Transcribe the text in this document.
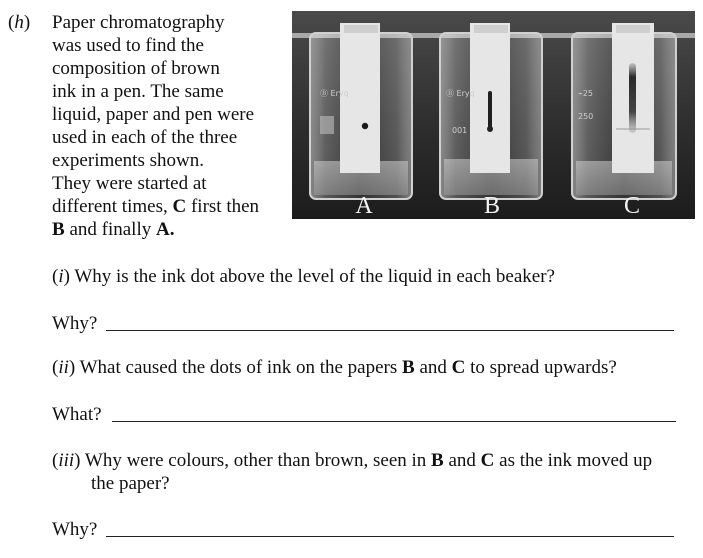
(h) Paper chromatography
was used to find the
composition of brown
ink in a pen. The same
liquid, paper and pen were
used in each of the three
experiments shown.
They were started at
different times, C first then
B and finally A.
Ⓑ Eryq	Ⓑ Eryq
001
⌁25
250
A	B	C
(i) Why is the ink dot above the level of the liquid in each beaker?
Why?
(ii) What caused the dots of ink on the papers B and C to spread upwards?
What?
(iii) Why were colours, other than brown, seen in B and C as the ink moved up
the paper?
Why?
